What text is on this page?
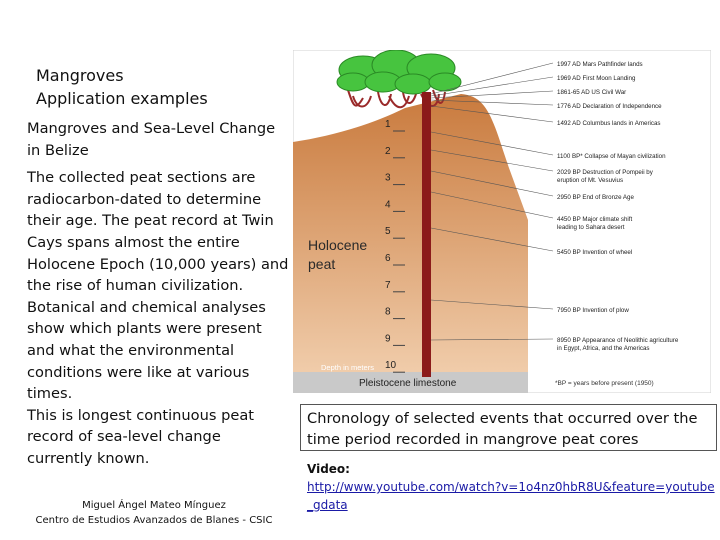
Mangroves
Application examples

Mangroves and Sea-Level Change in Belize

The collected peat sections are radiocarbon-dated to determine their age. The peat record at Twin Cays spans almost the entire Holocene Epoch (10,000 years) and the rise of human civilization. Botanical and chemical analyses show which plants were present and what the environmental conditions were like at various times.

This is longest continuous peat record of sea-level change currently known.

Miguel Ángel Mateo Mínguez
Centro de Estudios Avanzados de Blanes - CSIC
1
2
3
4
5
6
7
8
9
10
1997 AD Mars Pathfinder lands
1969 AD First Moon Landing
1861-65 AD US Civil War
1776 AD Declaration of Independence
1492 AD Columbus lands in Americas
1100 BP* Collapse of Mayan civilization
2029 BP Destruction of Pompeii by
eruption of Mt. Vesuvius
2950 BP End of Bronze Age
4450 BP Major climate shift
leading to Sahara desert
5450 BP Invention of wheel
7950 BP Invention of plow
8950 BP Appearance of Neolithic agriculture
in Egypt, Africa, and the Americas
Holocene
peat
Depth in meters
Pleistocene limestone	*BP = years before present (1950)
Chronology of selected events that occurred over the time period recorded in mangrove peat cores
Video:
http://www.youtube.com/watch?v=1o4nz0hbR8U&feature=youtube_gdata
